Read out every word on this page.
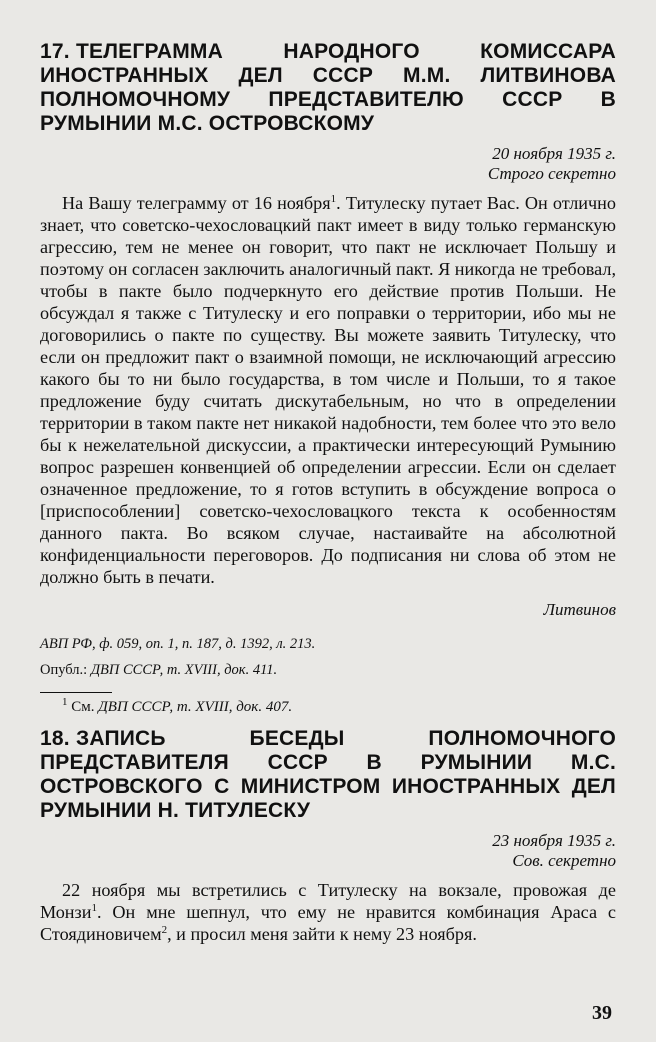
17. ТЕЛЕГРАММА НАРОДНОГО КОМИССАРА ИНОСТРАННЫХ ДЕЛ СССР М.М. ЛИТВИНОВА ПОЛНОМОЧНОМУ ПРЕДСТАВИТЕЛЮ СССР В РУМЫНИИ М.С. ОСТРОВСКОМУ
20 ноября 1935 г.
Строго секретно

На Вашу телеграмму от 16 ноября$^1$. Титулеску путает Вас. Он отлично знает, что советско-чехословацкий пакт имеет в виду только германскую агрессию, тем не менее он говорит, что пакт не исключает Польшу и поэтому он согласен заключить аналогичный пакт. Я никогда не требовал, чтобы в пакте было подчеркнуто его действие против Польши. Не обсуждал я также с Титулеску и его поправки о территории, ибо мы не договорились о пакте по существу. Вы можете заявить Титулеску, что если он предложит пакт о взаимной помощи, не исключающий агрессию какого бы то ни было государства, в том числе и Польши, то я такое предложение буду считать дискутабельным, но что в определении территории в таком пакте нет никакой надобности, тем более что это вело бы к нежелательной дискуссии, а практически интересующий Румынию вопрос разрешен конвенцией об определении агрессии. Если он сделает означенное предложение, то я готов вступить в обсуждение вопроса о [приспособлении] советско-чехословацкого текста к особенностям данного пакта. Во всяком случае, настаивайте на абсолютной конфиденциальности переговоров. До подписания ни слова об этом не должно быть в печати.

Литвинов
АВП РФ, ф. 059, оп. 1, п. 187, д. 1392, л. 213.
Опубл.: ДВП СССР, т. XVIII, док. 411.
$^1$ См. ДВП СССР, т. XVIII, док. 407.
18. ЗАПИСЬ БЕСЕДЫ ПОЛНОМОЧНОГО ПРЕДСТАВИТЕЛЯ СССР В РУМЫНИИ М.С. ОСТРОВСКОГО С МИНИСТРОМ ИНОСТРАННЫХ ДЕЛ РУМЫНИИ Н. ТИТУЛЕСКУ
23 ноября 1935 г.
Сов. секретно

22 ноября мы встретились с Титулеску на вокзале, провожая де Монзи$^1$. Он мне шепнул, что ему не нравится комбинация Араса с Стоядиновичем$^2$, и просил меня зайти к нему 23 ноября.

39
